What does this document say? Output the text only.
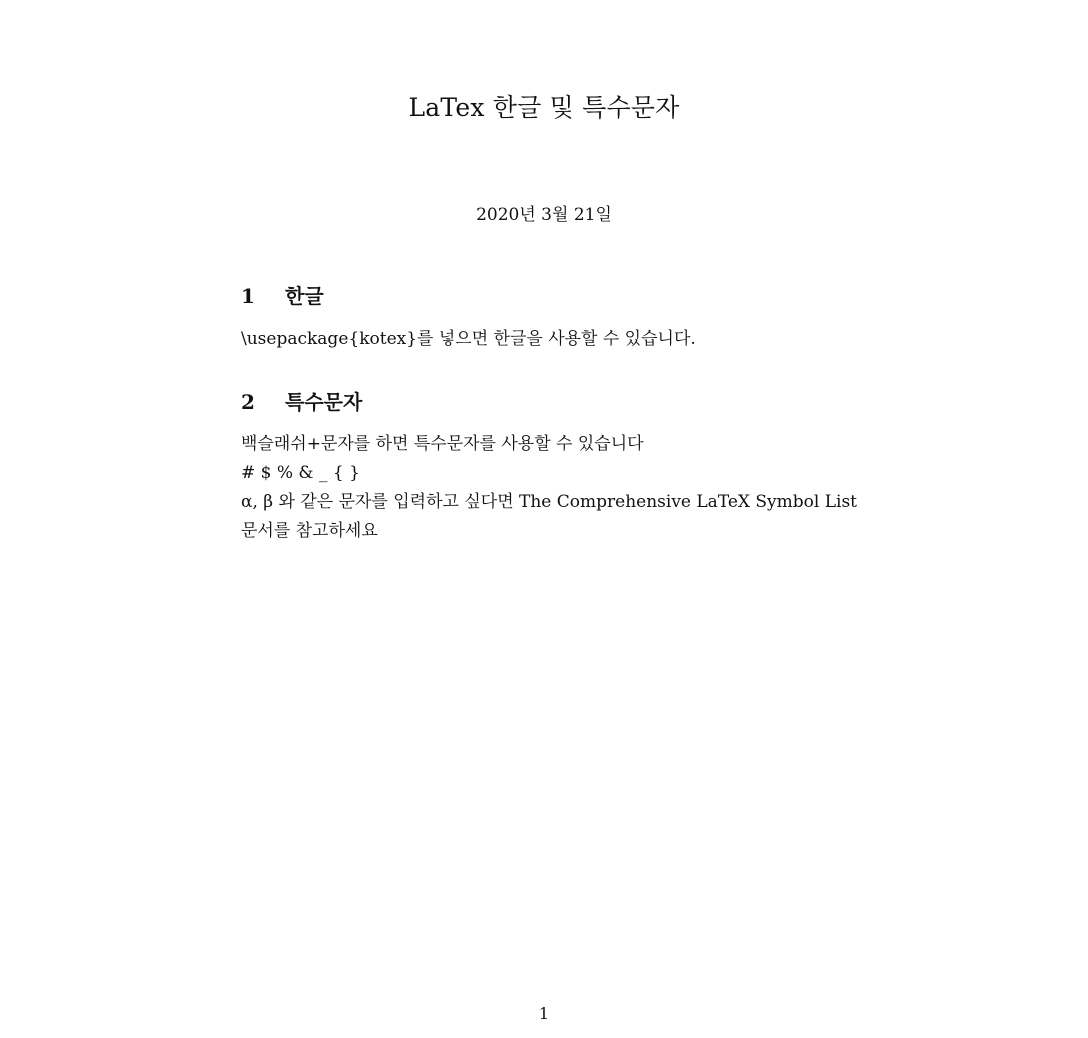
LaTex 한글 및 특수문자
2020년 3월 21일
1	한글
\usepackage{kotex}를 넣으면 한글을 사용할 수 있습니다.
2	특수문자
백슬래쉬+문자를 하면 특수문자를 사용할 수 있습니다
# $ % & _ { }
α, β 와 같은 문자를 입력하고 싶다면 The Comprehensive LaTeX Symbol List
문서를 참고하세요
1
